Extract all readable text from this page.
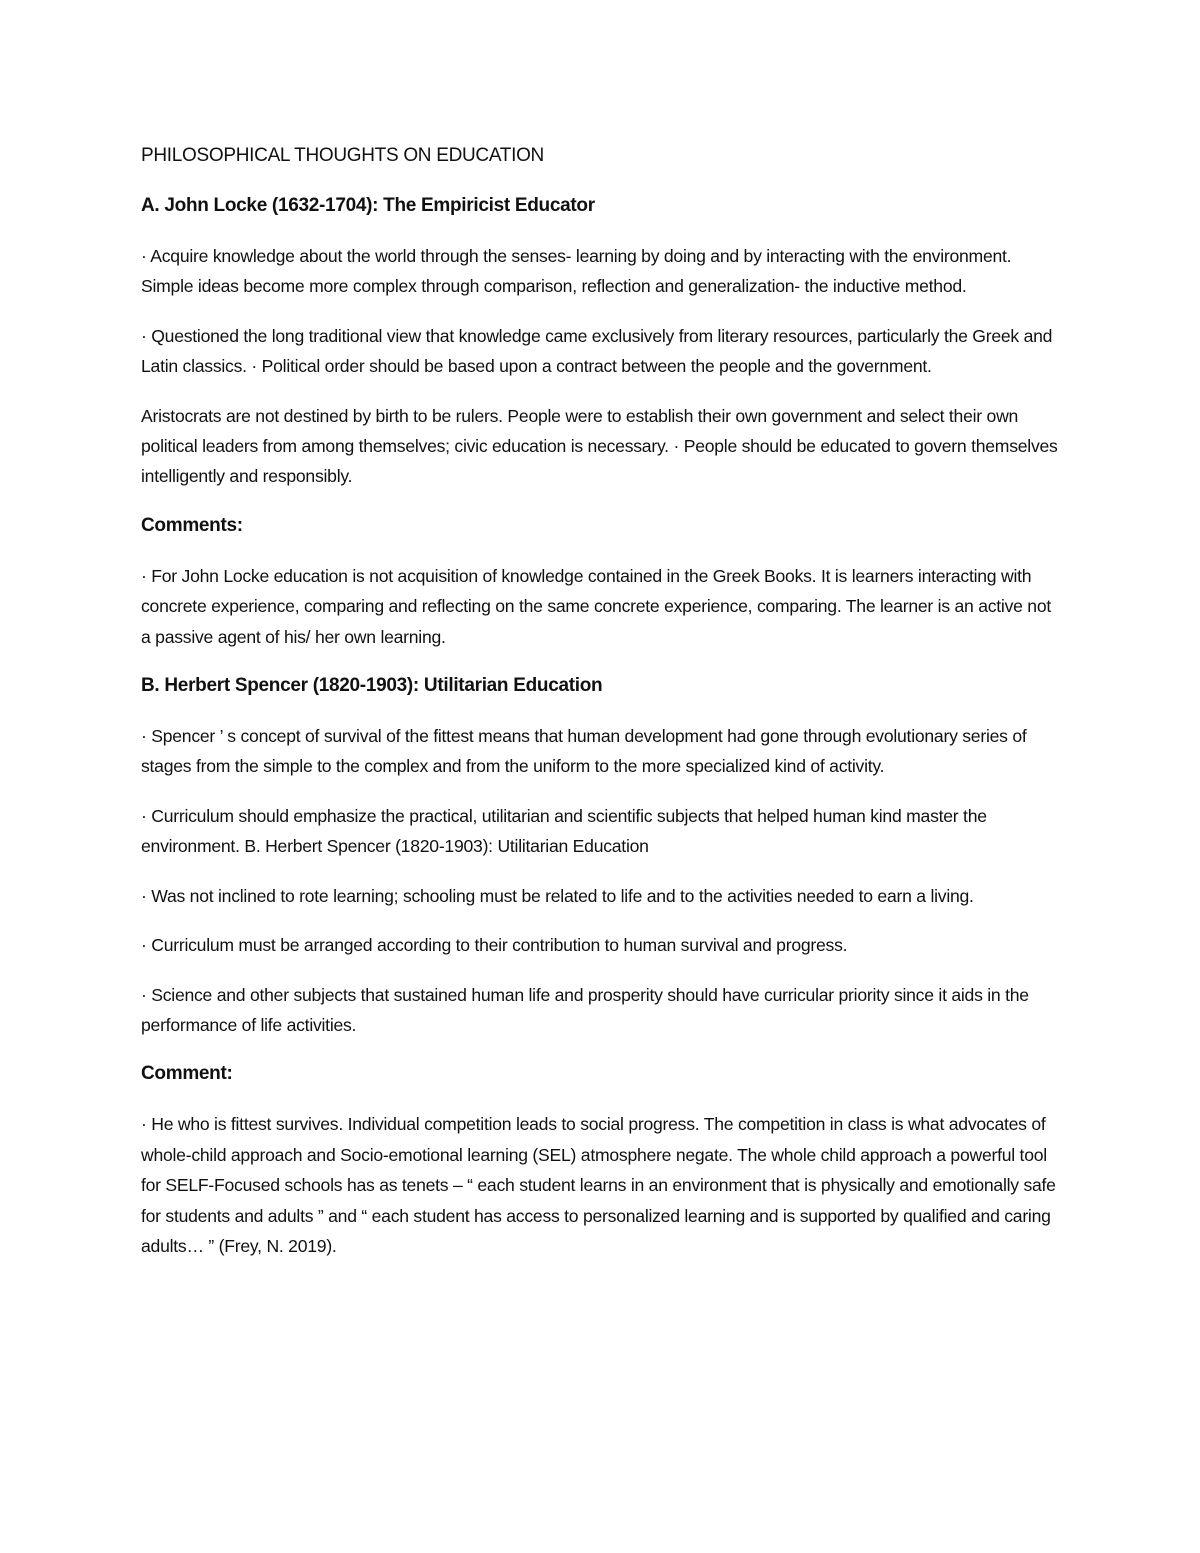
PHILOSOPHICAL THOUGHTS ON EDUCATION
A. John Locke (1632-1704): The Empiricist Educator

· Acquire knowledge about the world through the senses- learning by doing and by interacting with the environment. Simple ideas become more complex through comparison, reflection and generalization- the inductive method.

· Questioned the long traditional view that knowledge came exclusively from literary resources, particularly the Greek and Latin classics. · Political order should be based upon a contract between the people and the government.

Aristocrats are not destined by birth to be rulers. People were to establish their own government and select their own political leaders from among themselves; civic education is necessary. · People should be educated to govern themselves intelligently and responsibly.

Comments:

· For John Locke education is not acquisition of knowledge contained in the Greek Books. It is learners interacting with concrete experience, comparing and reflecting on the same concrete experience, comparing. The learner is an active not a passive agent of his/ her own learning.

B. Herbert Spencer (1820-1903): Utilitarian Education

· Spencer ’ s concept of survival of the fittest means that human development had gone through evolutionary series of stages from the simple to the complex and from the uniform to the more specialized kind of activity.

· Curriculum should emphasize the practical, utilitarian and scientific subjects that helped human kind master the environment. B. Herbert Spencer (1820-1903): Utilitarian Education

· Was not inclined to rote learning; schooling must be related to life and to the activities needed to earn a living.

· Curriculum must be arranged according to their contribution to human survival and progress.

· Science and other subjects that sustained human life and prosperity should have curricular priority since it aids in the performance of life activities.

Comment:

· He who is fittest survives. Individual competition leads to social progress. The competition in class is what advocates of whole-child approach and Socio-emotional learning (SEL) atmosphere negate. The whole child approach a powerful tool for SELF-Focused schools has as tenets – “ each student learns in an environment that is physically and emotionally safe for students and adults ” and “ each student has access to personalized learning and is supported by qualified and caring adults… ” (Frey, N. 2019).
